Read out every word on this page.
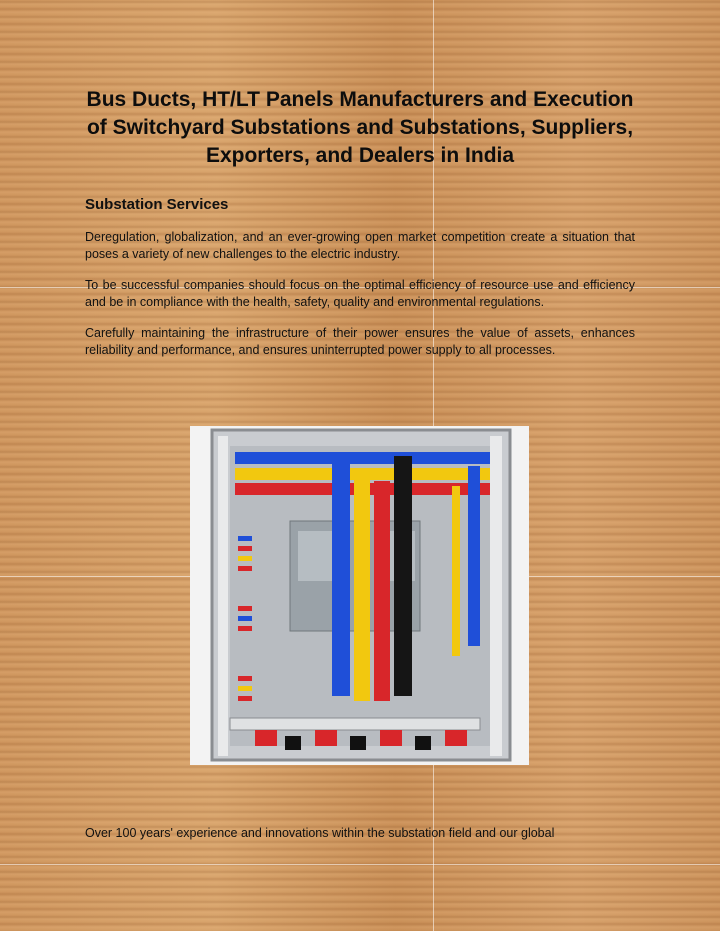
Bus Ducts, HT/LT Panels Manufacturers and Execution of Switchyard Substations and Substations, Suppliers, Exporters, and Dealers in India
Substation Services

Deregulation, globalization, and an ever-growing open market competition create a situation that poses a variety of new challenges to the electric industry.

To be successful companies should focus on the optimal efficiency of resource use and efficiency and be in compliance with the health, safety, quality and environmental regulations.

Carefully maintaining the infrastructure of their power ensures the value of assets, enhances reliability and performance, and ensures uninterrupted power supply to all processes.

Over 100 years' experience and innovations within the substation field and our global
